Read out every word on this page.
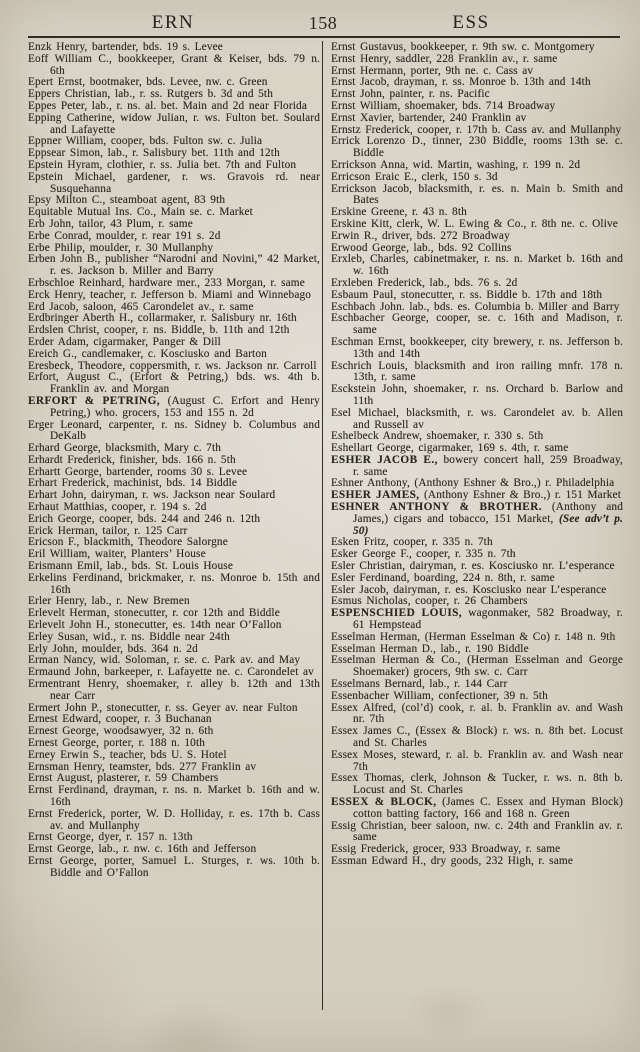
ERN	158	ESS

Enzk Henry, bartender, bds. 19 s. Levee

Eoff William C., bookkeeper, Grant & Keiser, bds. 79 n. 6th

Epert Ernst, bootmaker, bds. Levee, nw. c. Green

Eppers Christian, lab., r. ss. Rutgers b. 3d and 5th

Eppes Peter, lab., r. ns. al. bet. Main and 2d near Florida

Epping Catherine, widow Julian, r. ws. Fulton bet. Soulard and Lafayette

Eppner William, cooper, bds. Fulton sw. c. Julia

Eppsear Simon, lab., r. Salisbury bet. 11th and 12th

Epstein Hyram, clothier, r. ss. Julia bet. 7th and Fulton

Epstein Michael, gardener, r. ws. Gravois rd. near Susquehanna

Epsy Milton C., steamboat agent, 83 9th

Equitable Mutual Ins. Co., Main se. c. Market

Erb John, tailor, 43 Plum, r. same

Erbe Conrad, moulder, r. rear 191 s. 2d

Erbe Philip, moulder, r. 30 Mullanphy

Erben John B., publisher “Narodni and Novini,” 42 Market, r. es. Jackson b. Miller and Barry

Erbschloe Reinhard, hardware mer., 233 Morgan, r. same

Erck Henry, teacher, r. Jefferson b. Miami and Winnebago

Erd Jacob, saloon, 465 Carondelet av., r. same

Erdbringer Aberth H., collarmaker, r. Salisbury nr. 16th

Erdslen Christ, cooper, r. ns. Biddle, b. 11th and 12th

Erder Adam, cigarmaker, Panger & Dill

Ereich G., candlemaker, c. Kosciusko and Barton

Eresbeck, Theodore, coppersmith, r. ws. Jackson nr. Carroll

Erfort, August C., (Erfort & Petring,) bds. ws. 4th b. Franklin av. and Morgan

ERFORT & PETRING, (August C. Erfort and Henry Petring,) who. grocers, 153 and 155 n. 2d

Erger Leonard, carpenter, r. ns. Sidney b. Columbus and DeKalb

Erhard George, blacksmith, Mary c. 7th

Erhardt Frederick, finisher, bds. 166 n. 5th

Erhartt George, bartender, rooms 30 s. Levee

Erhart Frederick, machinist, bds. 14 Biddle

Erhart John, dairyman, r. ws. Jackson near Soulard

Erhaut Matthias, cooper, r. 194 s. 2d

Erich George, cooper, bds. 244 and 246 n. 12th

Erick Herman, tailor, r. 125 Carr

Ericson F., blackmith, Theodore Salorgne

Eril William, waiter, Planters’ House

Erismann Emil, lab., bds. St. Louis House

Erkelins Ferdinand, brickmaker, r. ns. Monroe b. 15th and 16th

Erler Henry, lab., r. New Bremen

Erlevelt Herman, stonecutter, r. cor 12th and Biddle

Erlevelt John H., stonecutter, es. 14th near O’Fallon

Erley Susan, wid., r. ns. Biddle near 24th

Erly John, moulder, bds. 364 n. 2d

Erman Nancy, wid. Soloman, r. se. c. Park av. and May

Ermaund John, barkeeper, r. Lafayette ne. c. Carondelet av

Ermentrant Henry, shoemaker, r. alley b. 12th and 13th near Carr

Ermert John P., stonecutter, r. ss. Geyer av. near Fulton

Ernest Edward, cooper, r. 3 Buchanan

Ernest George, woodsawyer, 32 n. 6th

Ernest George, porter, r. 188 n. 10th

Erney Erwin S., teacher, bds U. S. Hotel

Ernsman Henry, teamster, bds. 277 Franklin av

Ernst August, plasterer, r. 59 Chambers

Ernst Ferdinand, drayman, r. ns. n. Market b. 16th and w. 16th

Ernst Frederick, porter, W. D. Holliday, r. es. 17th b. Cass av. and Mullanphy

Ernst George, dyer, r. 157 n. 13th

Ernst George, lab., r. nw. c. 16th and Jefferson

Ernst George, porter, Samuel L. Sturges, r. ws. 10th b. Biddle and O’Fallon

Ernst Gustavus, bookkeeper, r. 9th sw. c. Montgomery

Ernst Henry, saddler, 228 Franklin av., r. same

Ernst Hermann, porter, 9th ne. c. Cass av

Ernst Jacob, drayman, r. ss. Monroe b. 13th and 14th

Ernst John, painter, r. ns. Pacific

Ernst William, shoemaker, bds. 714 Broadway

Ernst Xavier, bartender, 240 Franklin av

Ernstz Frederick, cooper, r. 17th b. Cass av. and Mullanphy

Errick Lorenzo D., tinner, 230 Biddle, rooms 13th se. c. Biddle

Errickson Anna, wid. Martin, washing, r. 199 n. 2d

Erricson Eraic E., clerk, 150 s. 3d

Errickson Jacob, blacksmith, r. es. n. Main b. Smith and Bates

Erskine Greene, r. 43 n. 8th

Erskine Kitt, clerk, W. L. Ewing & Co., r. 8th ne. c. Olive

Erwin R., driver, bds. 272 Broadway

Erwood George, lab., bds. 92 Collins

Erxleb, Charles, cabinetmaker, r. ns. n. Market b. 16th and w. 16th

Erxleben Frederick, lab., bds. 76 s. 2d

Esbaum Paul, stonecutter, r. ss. Biddle b. 17th and 18th

Eschbach John. lab., bds. es. Columbia b. Miller and Barry

Eschbacher George, cooper, se. c. 16th and Madison, r. same

Eschman Ernst, bookkeeper, city brewery, r. ns. Jefferson b. 13th and 14th

Eschrich Louis, blacksmith and iron railing mnfr. 178 n. 13th, r. same

Esckstein John, shoemaker, r. ns. Orchard b. Barlow and 11th

Esel Michael, blacksmith, r. ws. Carondelet av. b. Allen and Russell av

Eshelbeck Andrew, shoemaker, r. 330 s. 5th

Eshellart George, cigarmaker, 169 s. 4th, r. same

ESHER JACOB E., bowery concert hall, 259 Broadway, r. same

Eshner Anthony, (Anthony Eshner & Bro.,) r. Philadelphia

ESHER JAMES, (Anthony Eshner & Bro.,) r. 151 Market

ESHNER ANTHONY & BROTHER. (Anthony and James,) cigars and tobacco, 151 Market, (See adv’t p. 50)

Esken Fritz, cooper, r. 335 n. 7th

Esker George F., cooper, r. 335 n. 7th

Esler Christian, dairyman, r. es. Kosciusko nr. L’esperance

Esler Ferdinand, boarding, 224 n. 8th, r. same

Esler Jacob, dairyman, r. es. Kosciusko near L’esperance

Esmus Nicholas, cooper, r. 26 Chambers

ESPENSCHIED LOUIS, wagonmaker, 582 Broadway, r. 61 Hempstead

Esselman Herman, (Herman Esselman & Co) r. 148 n. 9th

Esselman Herman D., lab., r. 190 Biddle

Esselman Herman & Co., (Herman Esselman and George Shoemaker) grocers, 9th sw. c. Carr

Esselmans Bernard, lab., r. 144 Carr

Essenbacher William, confectioner, 39 n. 5th

Essex Alfred, (col’d) cook, r. al. b. Franklin av. and Wash nr. 7th

Essex James C., (Essex & Block) r. ws. n. 8th bet. Locust and St. Charles

Essex Moses, steward, r. al. b. Franklin av. and Wash near 7th

Essex Thomas, clerk, Johnson & Tucker, r. ws. n. 8th b. Locust and St. Charles

ESSEX & BLOCK, (James C. Essex and Hyman Block) cotton batting factory, 166 and 168 n. Green

Essig Christian, beer saloon, nw. c. 24th and Franklin av. r. same

Essig Frederick, grocer, 933 Broadway, r. same

Essman Edward H., dry goods, 232 High, r. same
